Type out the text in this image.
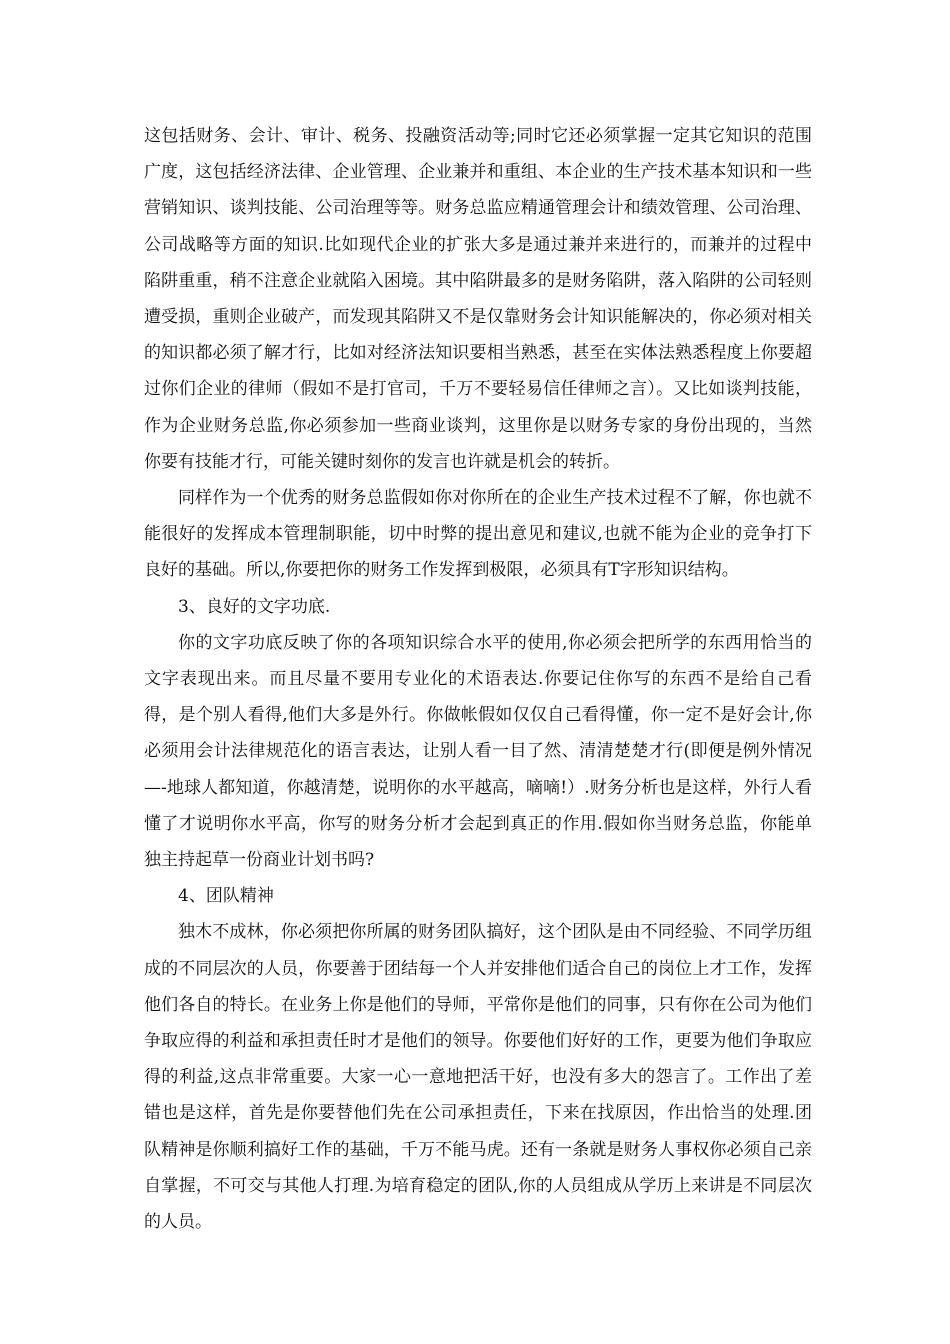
这包括财务、会计、审计、税务、投融资活动等;同时它还必须掌握一定其它知识的范围广度，这包括经济法律、企业管理、企业兼并和重组、本企业的生产技术基本知识和一些营销知识、谈判技能、公司治理等等。财务总监应精通管理会计和绩效管理、公司治理、公司战略等方面的知识.比如现代企业的扩张大多是通过兼并来进行的，而兼并的过程中陷阱重重，稍不注意企业就陷入困境。其中陷阱最多的是财务陷阱，落入陷阱的公司轻则遭受损，重则企业破产，而发现其陷阱又不是仅靠财务会计知识能解决的，你必须对相关的知识都必须了解才行，比如对经济法知识要相当熟悉，甚至在实体法熟悉程度上你要超过你们企业的律师（假如不是打官司，千万不要轻易信任律师之言）。又比如谈判技能，作为企业财务总监,你必须参加一些商业谈判，这里你是以财务专家的身份出现的，当然你要有技能才行，可能关键时刻你的发言也许就是机会的转折。

同样作为一个优秀的财务总监假如你对你所在的企业生产技术过程不了解，你也就不能很好的发挥成本管理制职能，切中时弊的提出意见和建议,也就不能为企业的竞争打下良好的基础。所以,你要把你的财务工作发挥到极限，必须具有T字形知识结构。

3、良好的文字功底.

你的文字功底反映了你的各项知识综合水平的使用,你必须会把所学的东西用恰当的文字表现出来。而且尽量不要用专业化的术语表达.你要记住你写的东西不是给自己看得，是个别人看得,他们大多是外行。你做帐假如仅仅自己看得懂，你一定不是好会计,你必须用会计法律规范化的语言表达，让别人看一目了然、清清楚楚才行(即便是例外情况—-地球人都知道，你越清楚，说明你的水平越高，嘀嘀!）.财务分析也是这样，外行人看懂了才说明你水平高，你写的财务分析才会起到真正的作用.假如你当财务总监，你能单独主持起草一份商业计划书吗?

4、团队精神

独木不成林，你必须把你所属的财务团队搞好，这个团队是由不同经验、不同学历组成的不同层次的人员，你要善于团结每一个人并安排他们适合自己的岗位上才工作，发挥他们各自的特长。在业务上你是他们的导师，平常你是他们的同事，只有你在公司为他们争取应得的利益和承担责任时才是他们的领导。你要他们好好的工作，更要为他们争取应得的利益,这点非常重要。大家一心一意地把活干好，也没有多大的怨言了。工作出了差错也是这样，首先是你要替他们先在公司承担责任，下来在找原因，作出恰当的处理.团队精神是你顺利搞好工作的基础，千万不能马虎。还有一条就是财务人事权你必须自己亲自掌握，不可交与其他人打理.为培育稳定的团队,你的人员组成从学历上来讲是不同层次的人员。
